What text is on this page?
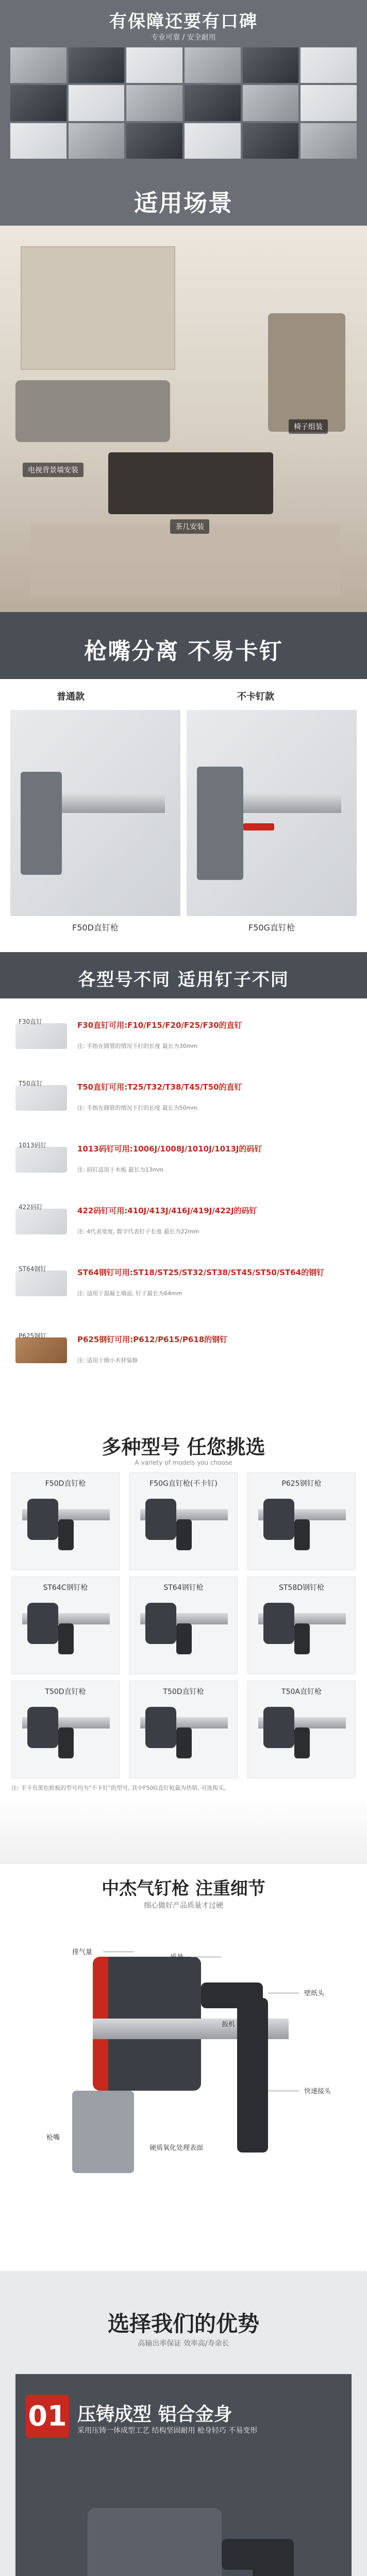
有保障还要有口碑
专业可靠 / 安全耐用
适用场景
电视背景墙安装
茶几安装
椅子组装
枪嘴分离 不易卡钉
普通款	不卡钉款
F50D直钉枪	F50G直钉枪
各型号不同 适用钉子不同
F30直钉	F30直钉可用:F10/F15/F20/F25/F30的直钉
注: 手指在圆管的情况下打的长度 最长为30mm
T50直钉	T50直钉可用:T25/T32/T38/T45/T50的直钉
注: 手指在圆管的情况下打的长度 最长为50mm
1013码钉	1013码钉可用:1006J/1008J/1010J/1013J的码钉
注: 码钉适用于木板 最长为13mm
422码钉	422码钉可用:410J/413J/416J/419J/422J的码钉
注: 4代表宽度, 数字代表钉子长度 最长为22mm
ST64钢钉	ST64钢钉可用:ST18/ST25/ST32/ST38/ST45/ST50/ST64的钢钉
注: 适用于混凝土墙面, 钉子最长为64mm
P625钢钉	P625钢钉可用:P612/P615/P618的钢钉
注: 适用于细小木材装修
多种型号 任您挑选
A variety of models you choose
F50D直钉枪	F50G直钉枪(不卡钉)	P625钢钉枪
ST64C钢钉枪	ST64钢钉枪	ST58D钢钉枪
T50D直钉枪	T50D直钉枪	T50A直钉枪
注: 手卡有黑色软板的型号均为"不卡钉"的型号, 其中F50G直钉枪最为热销, 可选购买。
中杰气钉枪 注重细节
细心做好产品质量才过硬
排气量
质量
扳机
枪嘴
硬质氧化处理表面
壁纸头
快速接头
选择我们的优势
高输出率保证 效率高/寿命长
01 压铸成型 铝合金身
采用压铸一体成型工艺 结构坚固耐用 枪身轻巧 不易变形
